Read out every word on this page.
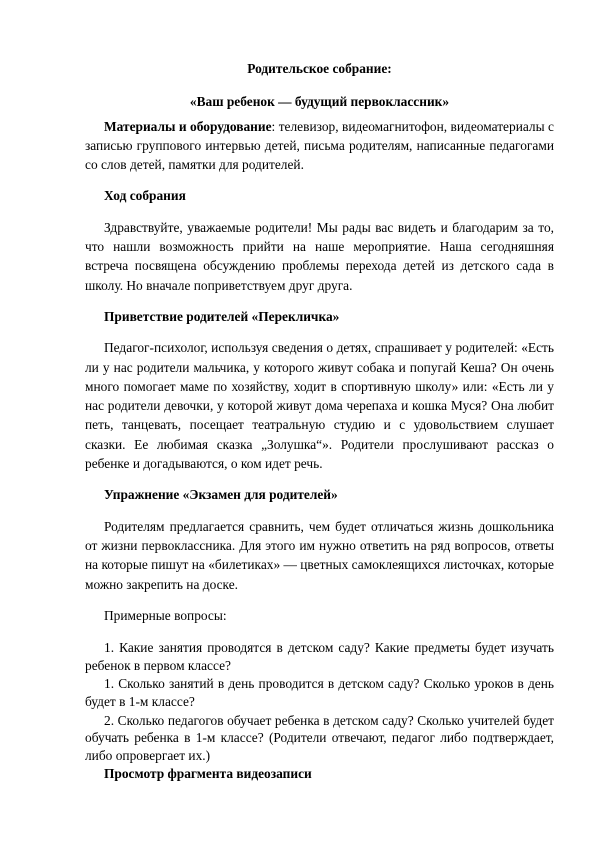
Родительское собрание:

«Ваш ребенок — будущий первоклассник»

Материалы и оборудование: телевизор, видеомагнитофон, видеоматериалы с записью группового интервью детей, письма родителям, написанные педагогами со слов детей, памятки для родителей.

Ход собрания

Здравствуйте, уважаемые родители! Мы рады вас видеть и благодарим за то, что нашли возможность прийти на наше мероприятие. Наша сегодняшняя встреча посвящена обсуждению проблемы перехода детей из детского сада в школу. Но вначале поприветствуем друг друга.

Приветствие родителей «Перекличка»

Педагог-психолог, используя сведения о детях, спрашивает у родителей: «Есть ли у нас родители мальчика, у которого живут собака и попугай Кеша? Он очень много помогает маме по хозяйству, ходит в спортивную школу» или: «Есть ли у нас родители девочки, у которой живут дома черепаха и кошка Муся? Она любит петь, танцевать, посещает театральную студию и с удовольствием слушает сказки. Ее любимая сказка „Золушка“». Родители прослушивают рассказ о ребенке и догадываются, о ком идет речь.

Упражнение «Экзамен для родителей»

Родителям предлагается сравнить, чем будет отличаться жизнь дошкольника от жизни первоклассника. Для этого им нужно ответить на ряд вопросов, ответы на которые пишут на «билетиках» — цветных самоклеящихся листочках, которые можно закрепить на доске.

Примерные вопросы:

1. Какие занятия проводятся в детском саду? Какие предметы будет изучать ребенок в первом классе?

1. Сколько занятий в день проводится в детском саду? Сколько уроков в день будет в 1-м классе?

2. Сколько педагогов обучает ребенка в детском саду? Сколько учителей будет обучать ребенка в 1-м классе? (Родители отвечают, педагог либо подтверждает, либо опровергает их.)

Просмотр фрагмента видеозаписи
